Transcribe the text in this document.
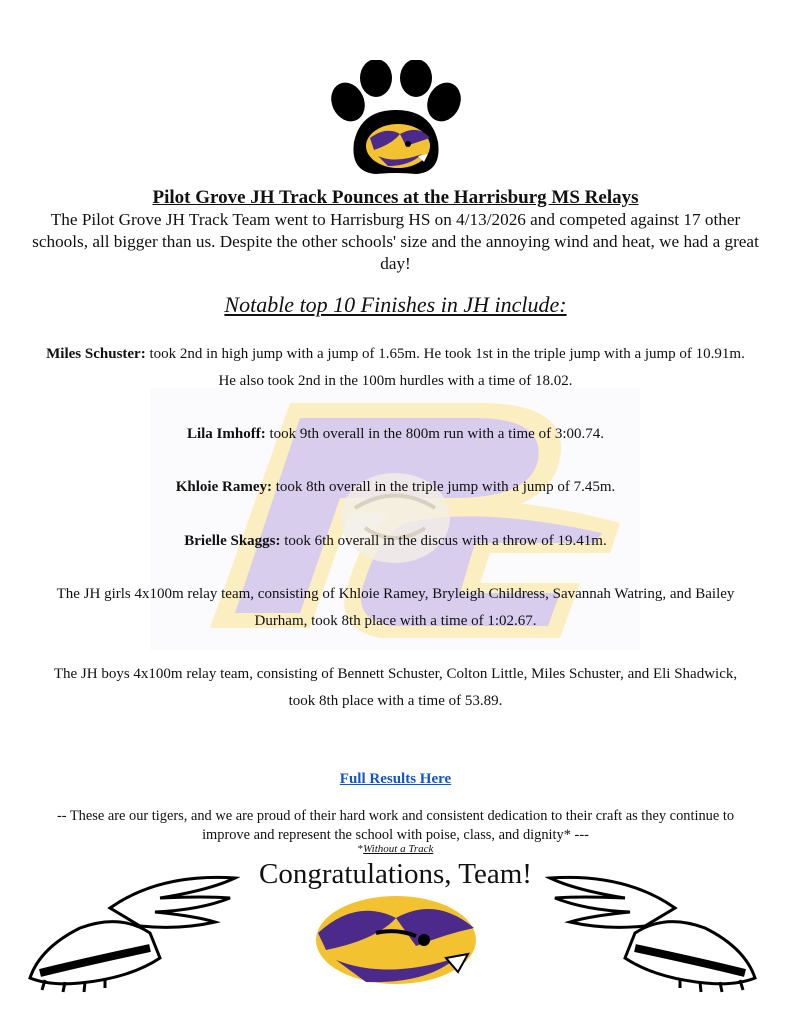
Pilot Grove JH Track Pounces at the Harrisburg MS Relays
The Pilot Grove JH Track Team went to Harrisburg HS on 4/13/2026 and competed against 17 other schools, all bigger than us. Despite the other schools' size and the annoying wind and heat, we had a great day!
Notable top 10 Finishes in JH include:
Miles Schuster: took 2nd in high jump with a jump of 1.65m. He took 1st in the triple jump with a jump of 10.91m. He also took 2nd in the 100m hurdles with a time of 18.02.
Lila Imhoff: took 9th overall in the 800m run with a time of 3:00.74.
Khloie Ramey: took 8th overall in the triple jump with a jump of 7.45m.
Brielle Skaggs: took 6th overall in the discus with a throw of 19.41m.
The JH girls 4x100m relay team, consisting of Khloie Ramey, Bryleigh Childress, Savannah Watring, and Bailey Durham, took 8th place with a time of 1:02.67.
The JH boys 4x100m relay team, consisting of Bennett Schuster, Colton Little, Miles Schuster, and Eli Shadwick, took 8th place with a time of 53.89.
Full Results Here
-- These are our tigers, and we are proud of their hard work and consistent dedication to their craft as they continue to improve and represent the school with poise, class, and dignity* ---
*Without a Track
Congratulations, Team!
